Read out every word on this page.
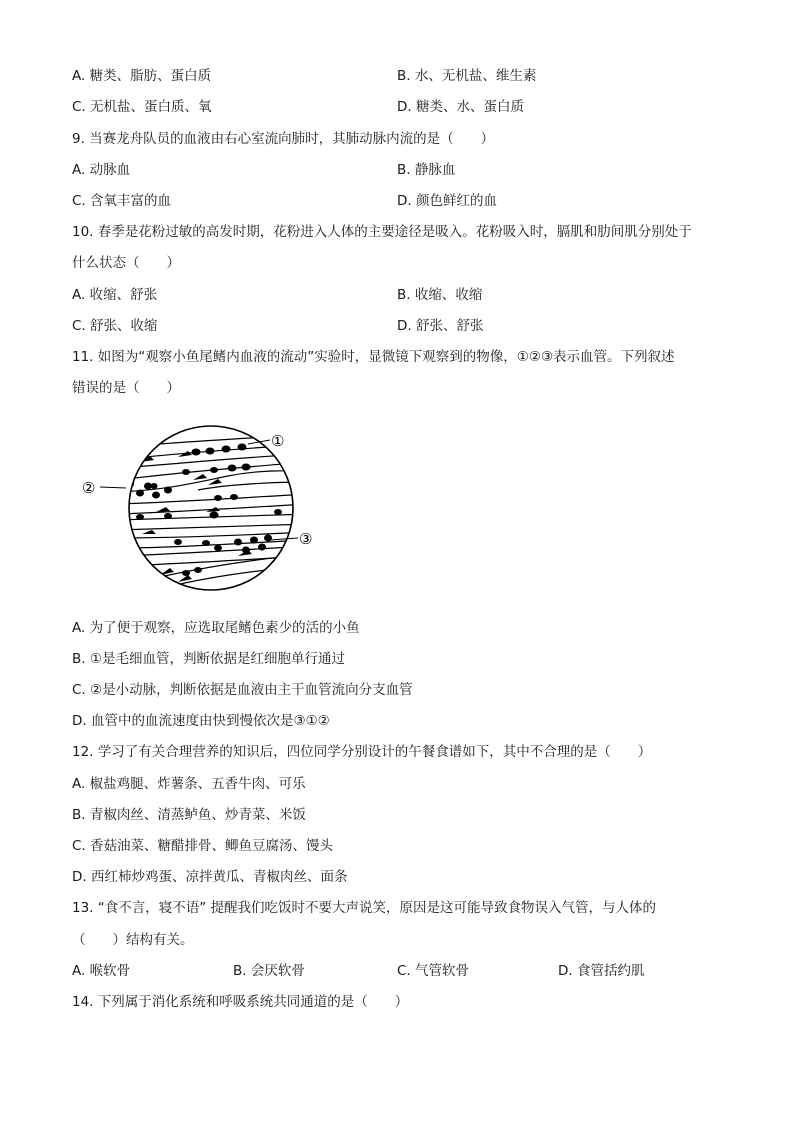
A. 糖类、脂肪、蛋白质	B. 水、无机盐、维生素
C. 无机盐、蛋白质、氧	D. 糖类、水、蛋白质
9. 当赛龙舟队员的血液由右心室流向肺时，其肺动脉内流的是（　　）
A. 动脉血	B. 静脉血
C. 含氧丰富的血	D. 颜色鲜红的血
10. 春季是花粉过敏的高发时期，花粉进入人体的主要途径是吸入。花粉吸入时，膈肌和肋间肌分别处于
什么状态（　　）
A. 收缩、舒张	B. 收缩、收缩
C. 舒张、收缩	D. 舒张、舒张
11. 如图为“观察小鱼尾鳍内血液的流动”实验时，显微镜下观察到的物像，①②③表示血管。下列叙述
错误的是（　　）
①
②
③
A. 为了便于观察，应选取尾鳍色素少的活的小鱼
B. ①是毛细血管，判断依据是红细胞单行通过
C. ②是小动脉，判断依据是血液由主干血管流向分支血管
D. 血管中的血流速度由快到慢依次是③①②
12. 学习了有关合理营养的知识后，四位同学分别设计的午餐食谱如下，其中不合理的是（　　）
A. 椒盐鸡腿、炸薯条、五香牛肉、可乐
B. 青椒肉丝、清蒸鲈鱼、炒青菜、米饭
C. 香菇油菜、糖醋排骨、鲫鱼豆腐汤、馒头
D. 西红柿炒鸡蛋、凉拌黄瓜、青椒肉丝、面条
13. “食不言，寝不语” 提醒我们吃饭时不要大声说笑，原因是这可能导致食物误入气管，与人体的
（　　）结构有关。
A. 喉软骨	B. 会厌软骨	C. 气管软骨	D. 食管括约肌
14. 下列属于消化系统和呼吸系统共同通道的是（　　）
